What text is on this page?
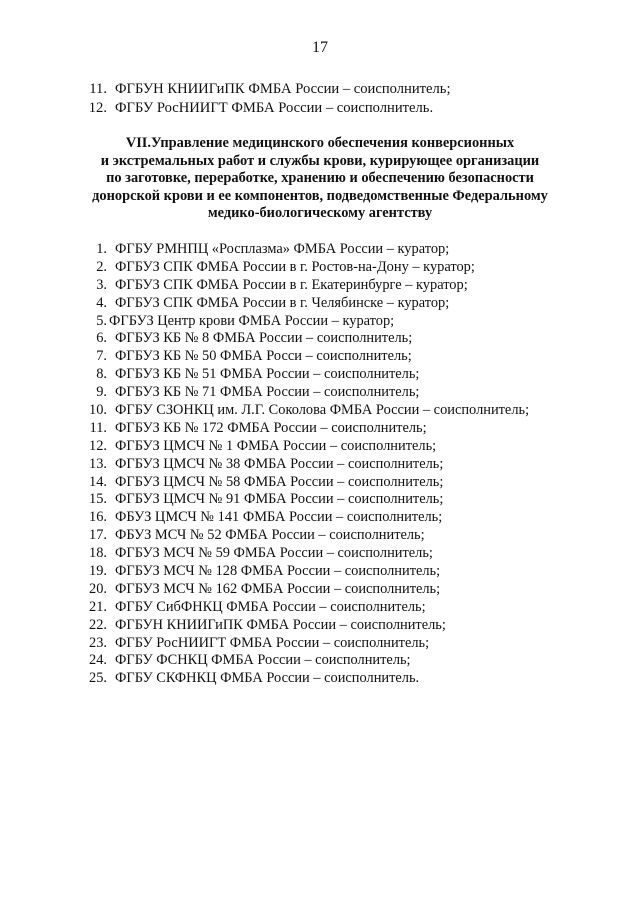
17
11. ФГБУН КНИИГиПК ФМБА России – соисполнитель;
12. ФГБУ РосНИИГТ ФМБА России – соисполнитель.
VII.Управление медицинского обеспечения конверсионных
и экстремальных работ и службы крови, курирующее организации
по заготовке, переработке, хранению и обеспечению безопасности
донорской крови и ее компонентов, подведомственные Федеральному
медико-биологическому агентству
1. ФГБУ РМНПЦ «Росплазма» ФМБА России – куратор;
2. ФГБУЗ СПК ФМБА России в г. Ростов-на-Дону – куратор;
3. ФГБУЗ СПК ФМБА России в г. Екатеринбурге – куратор;
4. ФГБУЗ СПК ФМБА России в г. Челябинске – куратор;
5. ФГБУЗ Центр крови ФМБА России – куратор;
6. ФГБУЗ КБ № 8 ФМБА России – соисполнитель;
7. ФГБУЗ КБ № 50 ФМБА Росси – соисполнитель;
8. ФГБУЗ КБ № 51 ФМБА России – соисполнитель;
9. ФГБУЗ КБ № 71 ФМБА России – соисполнитель;
10. ФГБУ СЗОНКЦ им. Л.Г. Соколова ФМБА России – соисполнитель;
11. ФГБУЗ КБ № 172 ФМБА России – соисполнитель;
12. ФГБУЗ ЦМСЧ № 1 ФМБА России – соисполнитель;
13. ФГБУЗ ЦМСЧ № 38 ФМБА России – соисполнитель;
14. ФГБУЗ ЦМСЧ № 58 ФМБА России – соисполнитель;
15. ФГБУЗ ЦМСЧ № 91 ФМБА России – соисполнитель;
16. ФБУЗ ЦМСЧ № 141 ФМБА России – соисполнитель;
17. ФБУЗ МСЧ № 52 ФМБА России – соисполнитель;
18. ФГБУЗ МСЧ № 59 ФМБА России – соисполнитель;
19. ФГБУЗ МСЧ № 128 ФМБА России – соисполнитель;
20. ФГБУЗ МСЧ № 162 ФМБА России – соисполнитель;
21. ФГБУ СибФНКЦ ФМБА России – соисполнитель;
22. ФГБУН КНИИГиПК ФМБА России – соисполнитель;
23. ФГБУ РосНИИГТ ФМБА России – соисполнитель;
24. ФГБУ ФСНКЦ ФМБА России – соисполнитель;
25. ФГБУ СКФНКЦ ФМБА России – соисполнитель.
